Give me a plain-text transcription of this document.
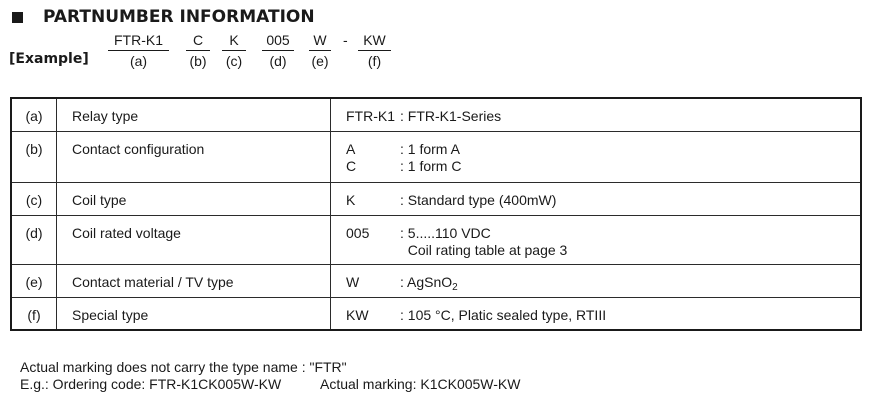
PARTNUMBER INFORMATION
[Example]
FTR-K1
(a)
C
(b)
K
(c)
005
(d)
W
(e)
-	KW
(f)
(a)	Relay type	FTR-K1 : FTR-K1-Series

(b)	Contact configuration	A : 1 form A
C : 1 form C

(c)	Coil type	K : Standard type (400mW)

(d)	Coil rated voltage	005 : 5.....110 VDC
Coil rating table at page 3

(e)	Contact material / TV type	W : AgSnO$_2$

(f)	Special type	KW : 105 °C, Platic sealed type, RTIII
Actual marking does not carry the type name : "FTR"
E.g.: Ordering code: FTR-K1CK005W-KW	Actual marking: K1CK005W-KW
